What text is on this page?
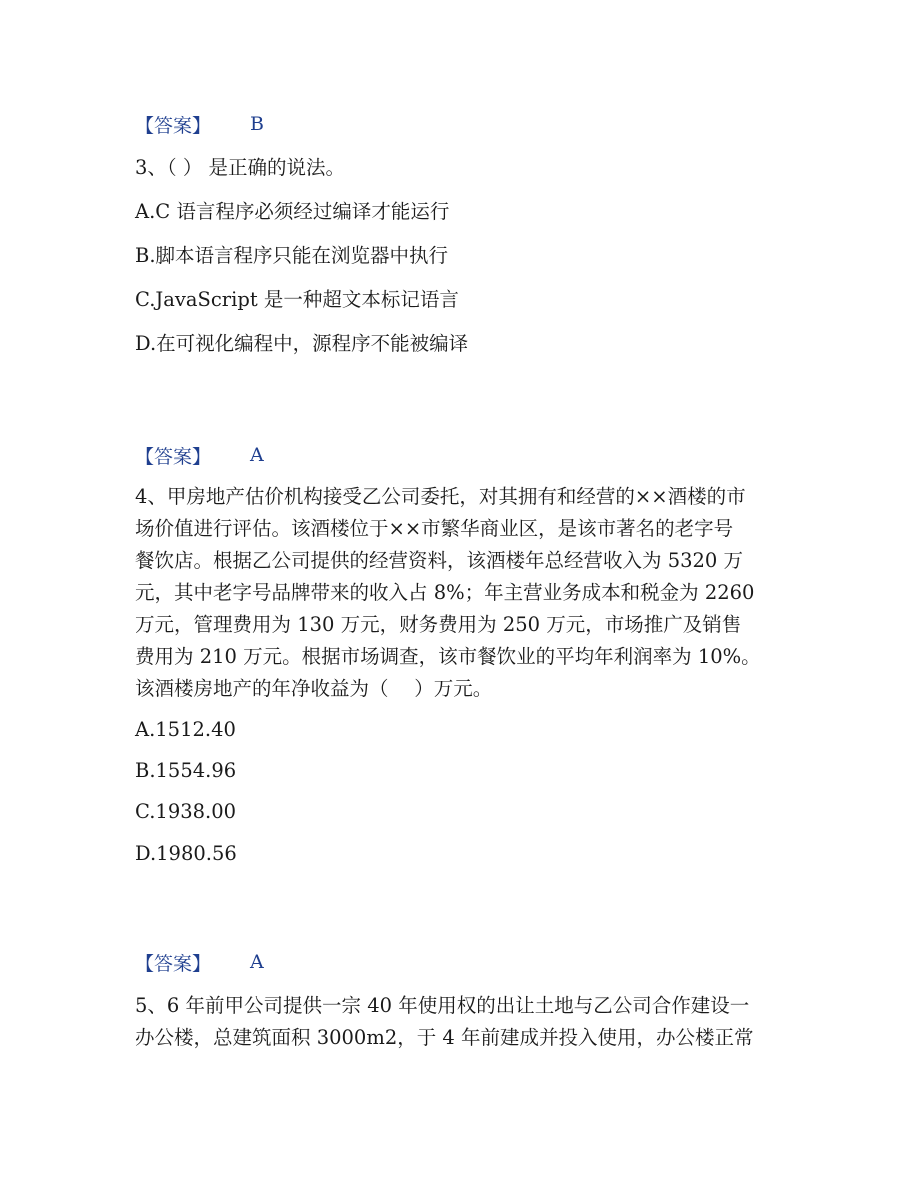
【答案】 B
3、（ ） 是正确的说法。
A.C 语言程序必须经过编译才能运行
B.脚本语言程序只能在浏览器中执行
C.JavaScript 是一种超文本标记语言
D.在可视化编程中，源程序不能被编译
【答案】 A
4、甲房地产估价机构接受乙公司委托，对其拥有和经营的××酒楼的市
场价值进行评估。该酒楼位于××市繁华商业区，是该市著名的老字号
餐饮店。根据乙公司提供的经营资料，该酒楼年总经营收入为 5320 万
元，其中老字号品牌带来的收入占 8%；年主营业务成本和税金为 2260
万元，管理费用为 130 万元，财务费用为 250 万元，市场推广及销售
费用为 210 万元。根据市场调查，该市餐饮业的平均年利润率为 10%。
该酒楼房地产的年净收益为（　 ）万元。
A.1512.40
B.1554.96
C.1938.00
D.1980.56
【答案】 A
5、6 年前甲公司提供一宗 40 年使用权的出让土地与乙公司合作建设一
办公楼，总建筑面积 3000m2，于 4 年前建成并投入使用，办公楼正常
